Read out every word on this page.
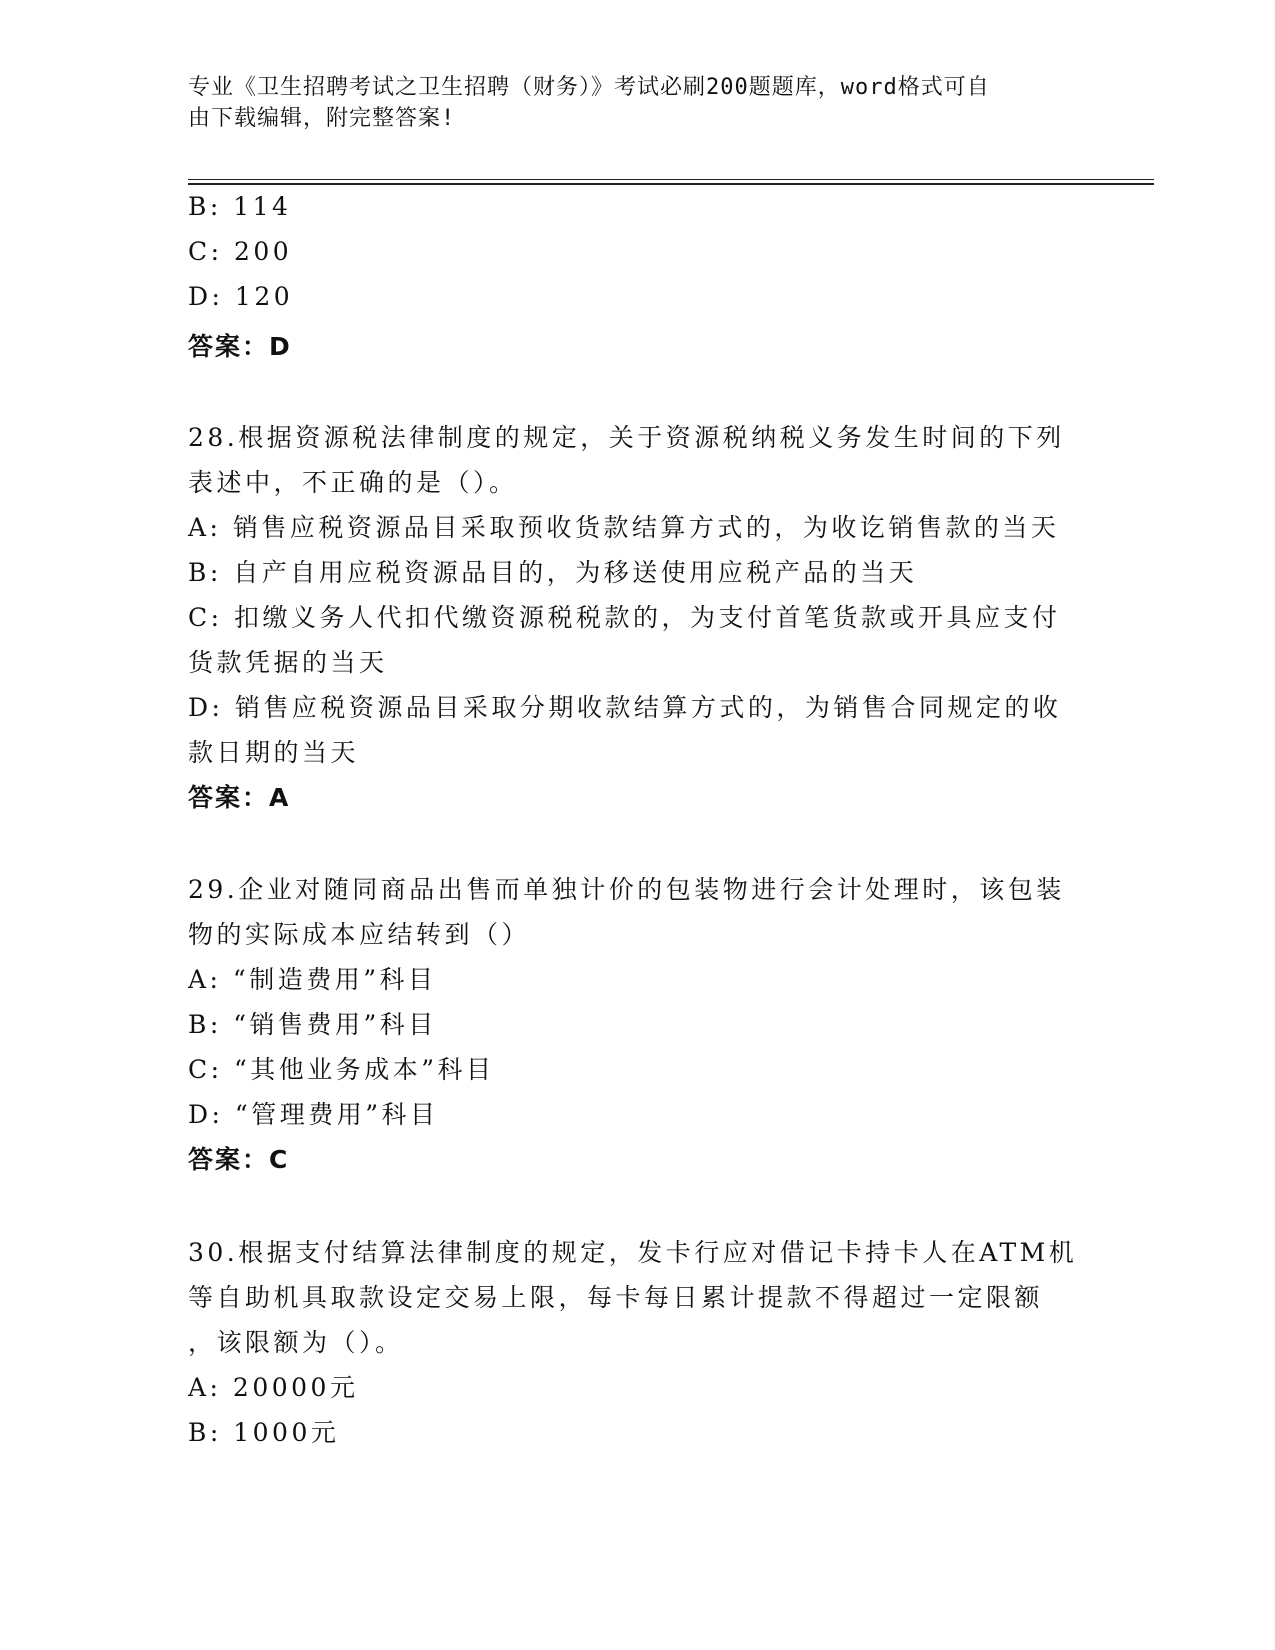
专业《卫生招聘考试之卫生招聘（财务）》考试必刷200题题库，word格式可自
由下载编辑，附完整答案!
B: 114
C: 200
D: 120
答案：D
28.根据资源税法律制度的规定，关于资源税纳税义务发生时间的下列
表述中，不正确的是（）。
A: 销售应税资源品目采取预收货款结算方式的，为收讫销售款的当天
B: 自产自用应税资源品目的，为移送使用应税产品的当天
C: 扣缴义务人代扣代缴资源税税款的，为支付首笔货款或开具应支付
货款凭据的当天
D: 销售应税资源品目采取分期收款结算方式的，为销售合同规定的收
款日期的当天
答案：A
29.企业对随同商品出售而单独计价的包装物进行会计处理时，该包装
物的实际成本应结转到（）
A: “制造费用”科目
B: “销售费用”科目
C: “其他业务成本”科目
D: “管理费用”科目
答案：C
30.根据支付结算法律制度的规定，发卡行应对借记卡持卡人在ATM机
等自助机具取款设定交易上限，每卡每日累计提款不得超过一定限额
，该限额为（）。
A: 20000元
B: 1000元
